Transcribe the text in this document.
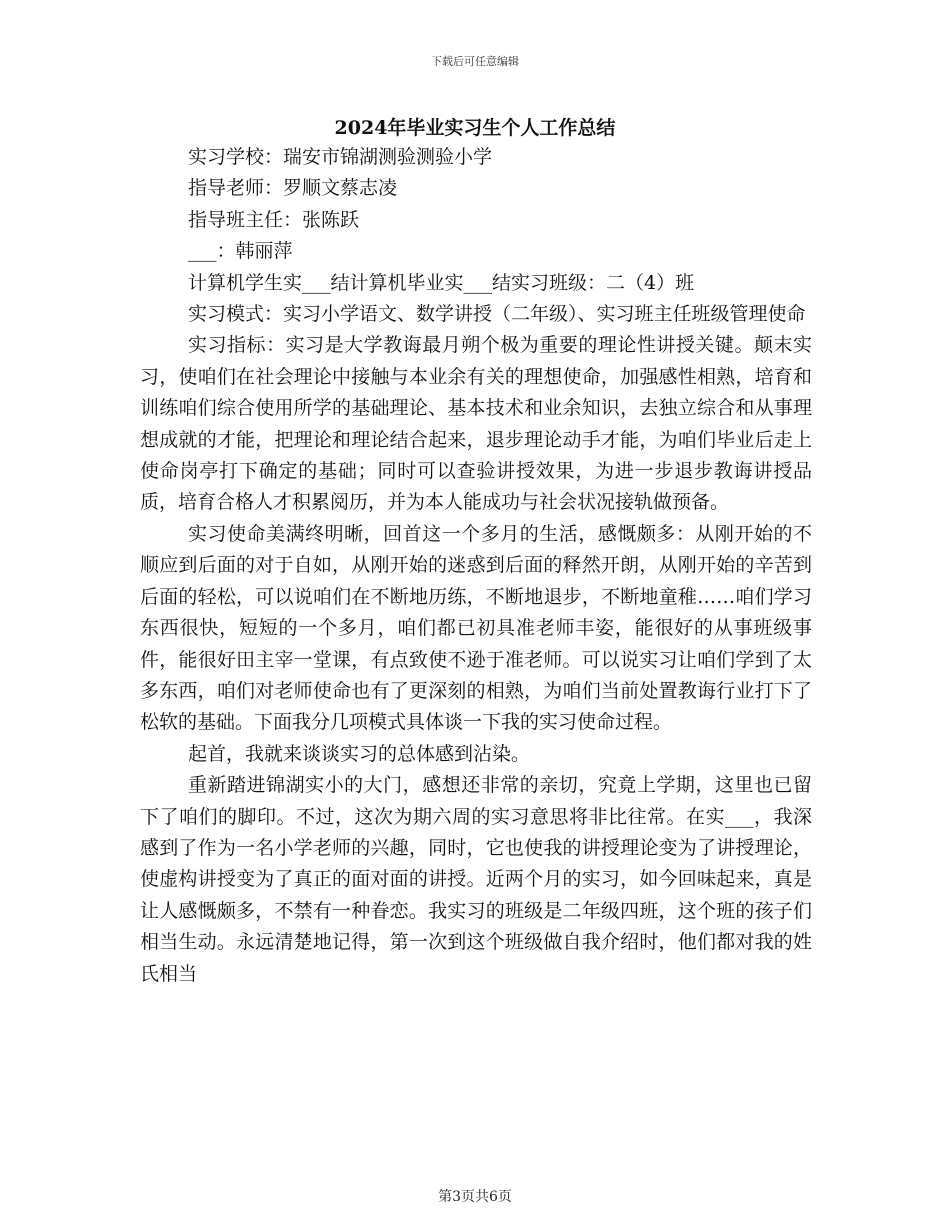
下载后可任意编辑
2024年毕业实习生个人工作总结

实习学校：瑞安市锦湖测验测验小学

指导老师：罗顺文蔡志凌

指导班主任：张陈跃

___：韩丽萍

计算机学生实___结计算机毕业实___结实习班级：二（4）班

实习模式：实习小学语文、数学讲授（二年级）、实习班主任班级管理使命

实习指标：实习是大学教诲最月朔个极为重要的理论性讲授关键。颠末实习，使咱们在社会理论中接触与本业余有关的理想使命，加强感性相熟，培育和训练咱们综合使用所学的基础理论、基本技术和业余知识，去独立综合和从事理想成就的才能，把理论和理论结合起来，退步理论动手才能，为咱们毕业后走上使命岗亭打下确定的基础；同时可以查验讲授效果，为进一步退步教诲讲授品质，培育合格人才积累阅历，并为本人能成功与社会状况接轨做预备。

实习使命美满终明晰，回首这一个多月的生活，感慨颇多：从刚开始的不顺应到后面的对于自如，从刚开始的迷惑到后面的释然开朗，从刚开始的辛苦到后面的轻松，可以说咱们在不断地历练，不断地退步，不断地童稚……咱们学习东西很快，短短的一个多月，咱们都已初具准老师丰姿，能很好的从事班级事件，能很好田主宰一堂课，有点致使不逊于准老师。可以说实习让咱们学到了太多东西，咱们对老师使命也有了更深刻的相熟，为咱们当前处置教诲行业打下了松软的基础。下面我分几项模式具体谈一下我的实习使命过程。

起首，我就来谈谈实习的总体感到沾染。

重新踏进锦湖实小的大门，感想还非常的亲切，究竟上学期，这里也已留下了咱们的脚印。不过，这次为期六周的实习意思将非比往常。在实___，我深感到了作为一名小学老师的兴趣，同时，它也使我的讲授理论变为了讲授理论，使虚构讲授变为了真正的面对面的讲授。近两个月的实习，如今回味起来，真是让人感慨颇多，不禁有一种眷恋。我实习的班级是二年级四班，这个班的孩子们相当生动。永远清楚地记得，第一次到这个班级做自我介绍时，他们都对我的姓氏相当

第3页共6页
